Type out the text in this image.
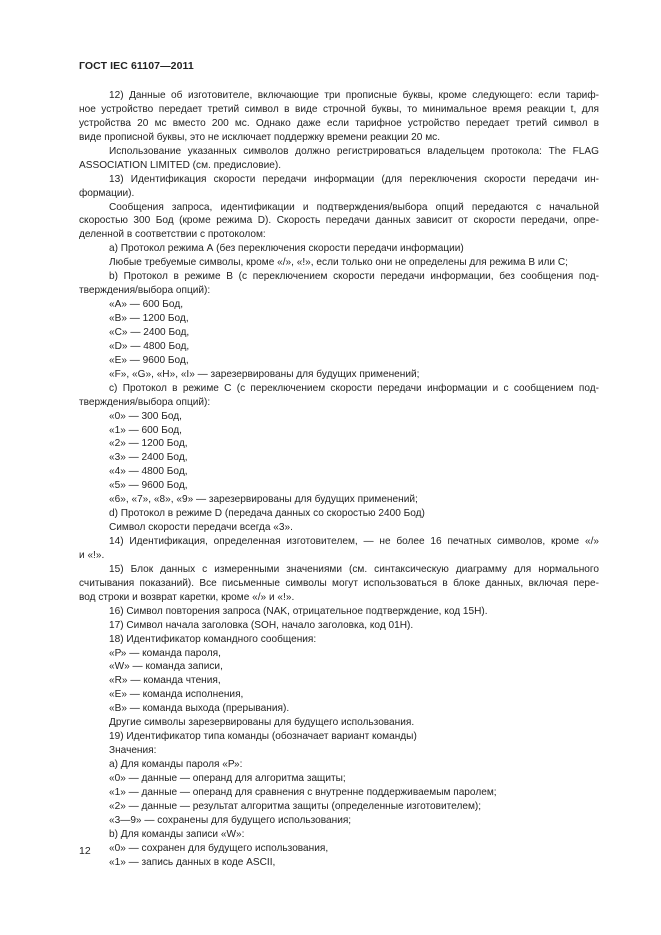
ГОСТ IEC 61107—2011
12) Данные об изготовителе, включающие три прописные буквы, кроме следующего: если тариф-
ное устройство передает третий символ в виде строчной буквы, то минимальное время реакции t, для
устройства 20 мс вместо 200 мс. Однако даже если тарифное устройство передает третий символ в
виде прописной буквы, это не исключает поддержку времени реакции 20 мс.
Использование указанных символов должно регистрироваться владельцем протокола: The FLAG
ASSOCIATION LIMITED (см. предисловие).
13) Идентификация скорости передачи информации (для переключения скорости передачи ин-
формации).
Сообщения запроса, идентификации и подтверждения/выбора опций передаются с начальной
скоростью 300 Бод (кроме режима D). Скорость передачи данных зависит от скорости передачи, опре-
деленной в соответствии с протоколом:
а) Протокол режима А (без переключения скорости передачи информации)
Любые требуемые символы, кроме «/», «!», если только они не определены для режима В или С;
b) Протокол в режиме В (с переключением скорости передачи информации, без сообщения под-
тверждения/выбора опций):
«А» — 600 Бод,
«В» — 1200 Бод,
«С» — 2400 Бод,
«D» — 4800 Бод,
«Е» — 9600 Бод,
«F», «G», «Н», «I» — зарезервированы для будущих применений;
с) Протокол в режиме С (с переключением скорости передачи информации и с сообщением под-
тверждения/выбора опций):
«0» — 300 Бод,
«1» — 600 Бод,
«2» — 1200 Бод,
«3» — 2400 Бод,
«4» — 4800 Бод,
«5» — 9600 Бод,
«6», «7», «8», «9» — зарезервированы для будущих применений;
d) Протокол в режиме D (передача данных со скоростью 2400 Бод)
Символ скорости передачи всегда «3».
14) Идентификация, определенная изготовителем, — не более 16 печатных символов, кроме «/»
и «!».
15) Блок данных с измеренными значениями (см. синтаксическую диаграмму для нормального
считывания показаний). Все письменные символы могут использоваться в блоке данных, включая пере-
вод строки и возврат каретки, кроме «/» и «!».
16) Символ повторения запроса (NAK, отрицательное подтверждение, код 15Н).
17) Символ начала заголовка (SOH, начало заголовка, код 01Н).
18) Идентификатор командного сообщения:
«Р» — команда пароля,
«W» — команда записи,
«R» — команда чтения,
«Е» — команда исполнения,
«В» — команда выхода (прерывания).
Другие символы зарезервированы для будущего использования.
19) Идентификатор типа команды (обозначает вариант команды)
Значения:
а) Для команды пароля «Р»:
«0» — данные — операнд для алгоритма защиты;
«1» — данные — операнд для сравнения с внутренне поддерживаемым паролем;
«2» — данные — результат алгоритма защиты (определенные изготовителем);
«3—9» — сохранены для будущего использования;
b) Для команды записи «W»:
«0» — сохранен для будущего использования,
«1» — запись данных в коде ASCII,
12
